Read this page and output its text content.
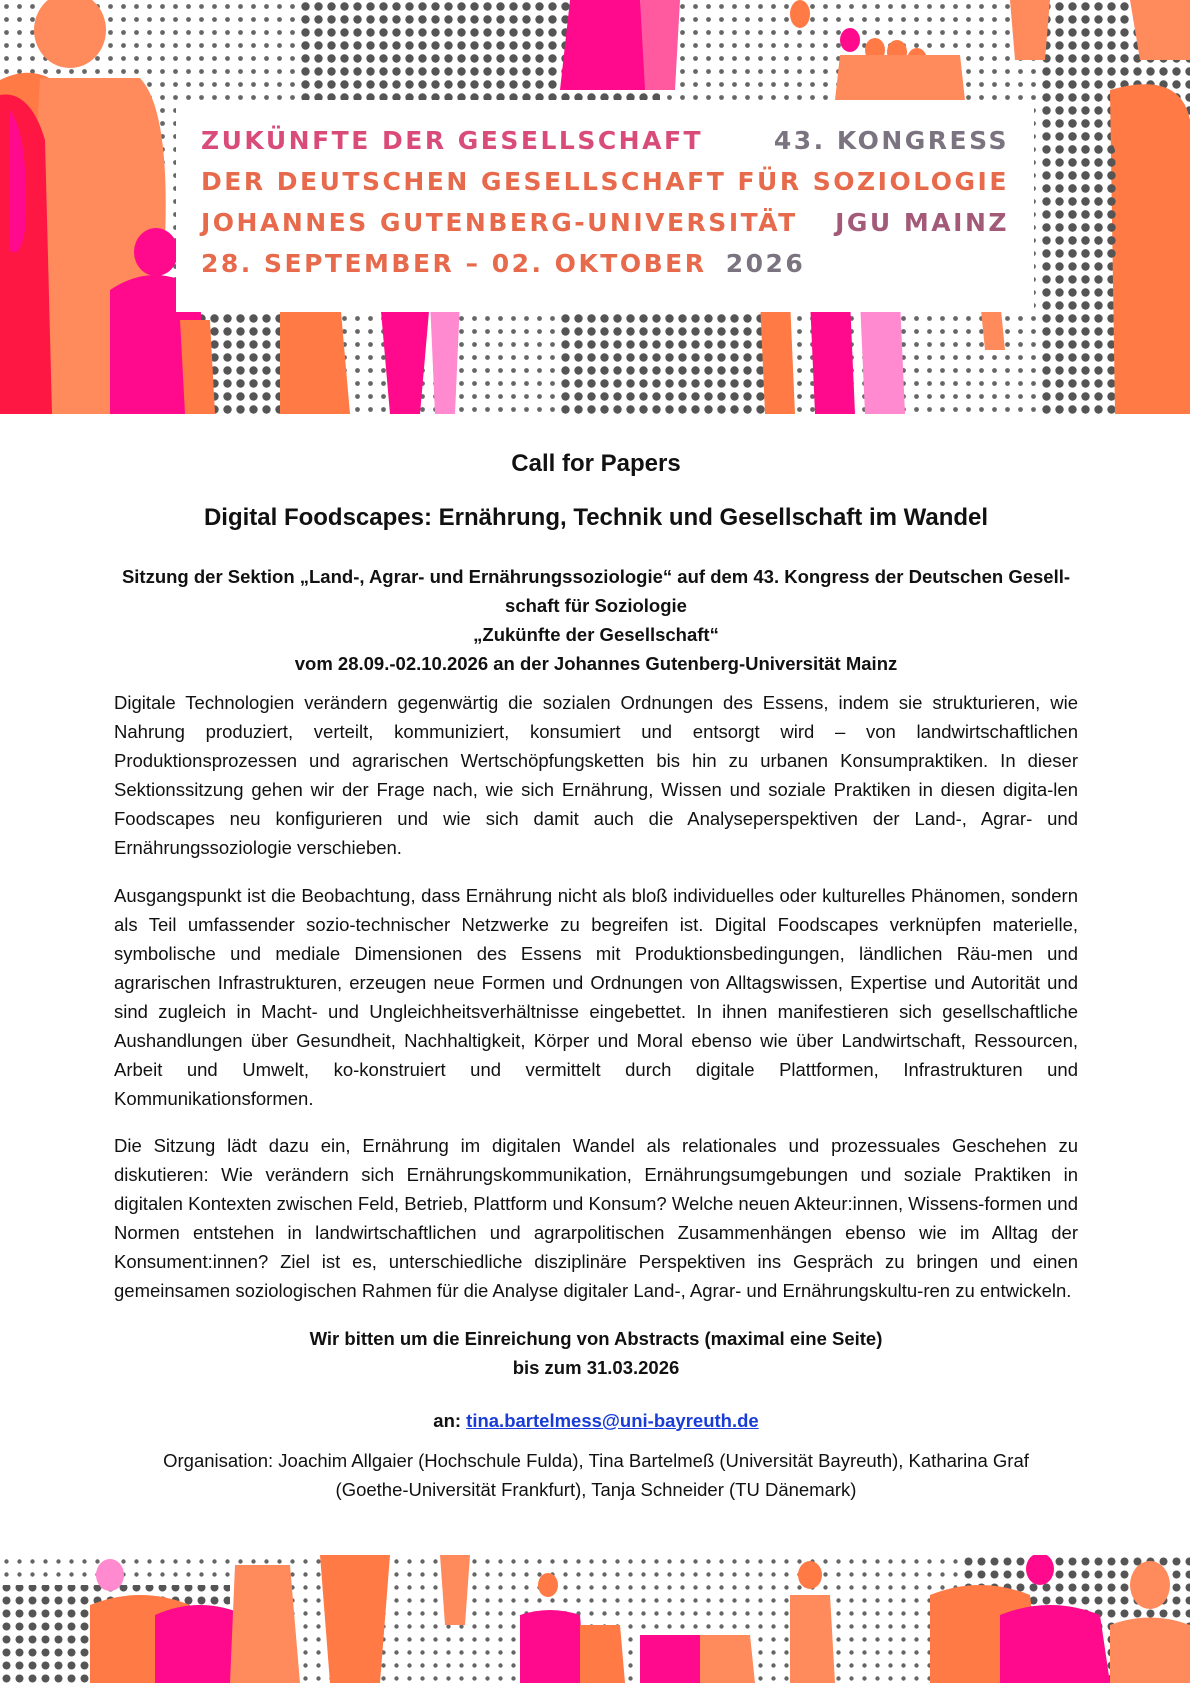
ZUKÜNFTE DER GESELLSCHAFT	43. KONGRESS
DER DEUTSCHEN GESELLSCHAFT FÜR SOZIOLOGIE
JOHANNES GUTENBERG-UNIVERSITÄT JGU MAINZ
28. SEPTEMBER – 02. OKTOBER 2026
Call for Papers
Digital Foodscapes: Ernährung, Technik und Gesellschaft im Wandel
Sitzung der Sektion „Land-, Agrar- und Ernährungssoziologie“ auf dem 43. Kongress der Deutschen Gesell-
schaft für Soziologie
„Zukünfte der Gesellschaft“
vom 28.09.-02.10.2026 an der Johannes Gutenberg-Universität Mainz

Digitale Technologien verändern gegenwärtig die sozialen Ordnungen des Essens, indem sie strukturieren, wie Nahrung produziert, verteilt, kommuniziert, konsumiert und entsorgt wird – von landwirtschaftlichen Produktionsprozessen und agrarischen Wertschöpfungsketten bis hin zu urbanen Konsumpraktiken. In dieser Sektionssitzung gehen wir der Frage nach, wie sich Ernährung, Wissen und soziale Praktiken in diesen digita-len Foodscapes neu konfigurieren und wie sich damit auch die Analyseperspektiven der Land-, Agrar- und Ernährungssoziologie verschieben.

Ausgangspunkt ist die Beobachtung, dass Ernährung nicht als bloß individuelles oder kulturelles Phänomen, sondern als Teil umfassender sozio-technischer Netzwerke zu begreifen ist. Digital Foodscapes verknüpfen materielle, symbolische und mediale Dimensionen des Essens mit Produktionsbedingungen, ländlichen Räu-men und agrarischen Infrastrukturen, erzeugen neue Formen und Ordnungen von Alltagswissen, Expertise und Autorität und sind zugleich in Macht- und Ungleichheitsverhältnisse eingebettet. In ihnen manifestieren sich gesellschaftliche Aushandlungen über Gesundheit, Nachhaltigkeit, Körper und Moral ebenso wie über Landwirtschaft, Ressourcen, Arbeit und Umwelt, ko-konstruiert und vermittelt durch digitale Plattformen, Infrastrukturen und Kommunikationsformen.

Die Sitzung lädt dazu ein, Ernährung im digitalen Wandel als relationales und prozessuales Geschehen zu diskutieren: Wie verändern sich Ernährungskommunikation, Ernährungsumgebungen und soziale Praktiken in digitalen Kontexten zwischen Feld, Betrieb, Plattform und Konsum? Welche neuen Akteur:innen, Wissens-formen und Normen entstehen in landwirtschaftlichen und agrarpolitischen Zusammenhängen ebenso wie im Alltag der Konsument:innen? Ziel ist es, unterschiedliche disziplinäre Perspektiven ins Gespräch zu bringen und einen gemeinsamen soziologischen Rahmen für die Analyse digitaler Land-, Agrar- und Ernährungskultu-ren zu entwickeln.

Wir bitten um die Einreichung von Abstracts (maximal eine Seite)
bis zum 31.03.2026
an: tina.bartelmess@uni-bayreuth.de
Organisation: Joachim Allgaier (Hochschule Fulda), Tina Bartelmeß (Universität Bayreuth), Katharina Graf
(Goethe-Universität Frankfurt), Tanja Schneider (TU Dänemark)
